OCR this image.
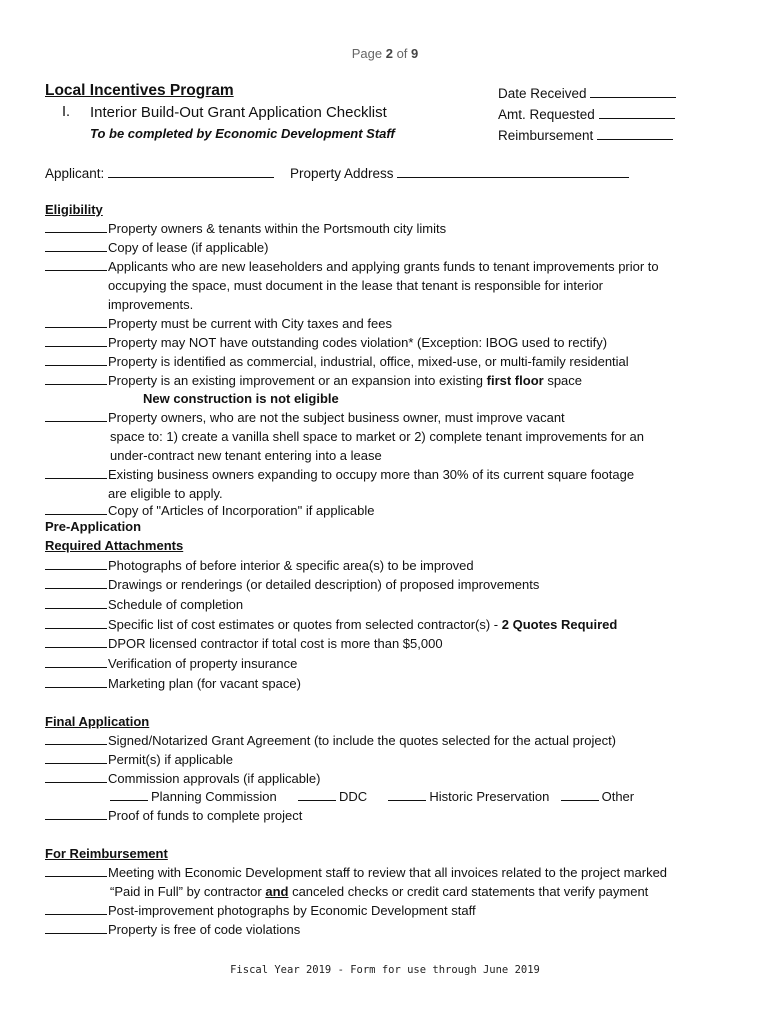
Page 2 of 9
Local Incentives Program
I. Interior Build-Out Grant Application Checklist
To be completed by Economic Development Staff
Date Received
Amt. Requested
Reimbursement
Applicant:	Property Address
Eligibility
Property owners & tenants within the Portsmouth city limits
Copy of lease (if applicable)
Applicants who are new leaseholders and applying grants funds to tenant improvements prior to
occupying the space, must document in the lease that tenant is responsible for interior
improvements.
Property must be current with City taxes and fees
Property may NOT have outstanding codes violation* (Exception: IBOG used to rectify)
Property is identified as commercial, industrial, office, mixed-use, or multi-family residential
Property is an existing improvement or an expansion into existing first floor space
New construction is not eligible
Property owners, who are not the subject business owner, must improve vacant
space to: 1) create a vanilla shell space to market or 2) complete tenant improvements for an
under-contract new tenant entering into a lease
Existing business owners expanding to occupy more than 30% of its current square footage
are eligible to apply.
Copy of "Articles of Incorporation" if applicable
Pre-Application
Required Attachments
Photographs of before interior & specific area(s) to be improved
Drawings or renderings (or detailed description) of proposed improvements
Schedule of completion
Specific list of cost estimates or quotes from selected contractor(s) - 2 Quotes Required
DPOR licensed contractor if total cost is more than $5,000
Verification of property insurance
Marketing plan (for vacant space)
Final Application
Signed/Notarized Grant Agreement (to include the quotes selected for the actual project)
Permit(s) if applicable
Commission approvals (if applicable)
Planning Commission	DDC	Historic Preservation	Other
Proof of funds to complete project
For Reimbursement
Meeting with Economic Development staff to review that all invoices related to the project marked
“Paid in Full” by contractor and canceled checks or credit card statements that verify payment
Post-improvement photographs by Economic Development staff
Property is free of code violations
Fiscal Year 2019 - Form for use through June 2019
